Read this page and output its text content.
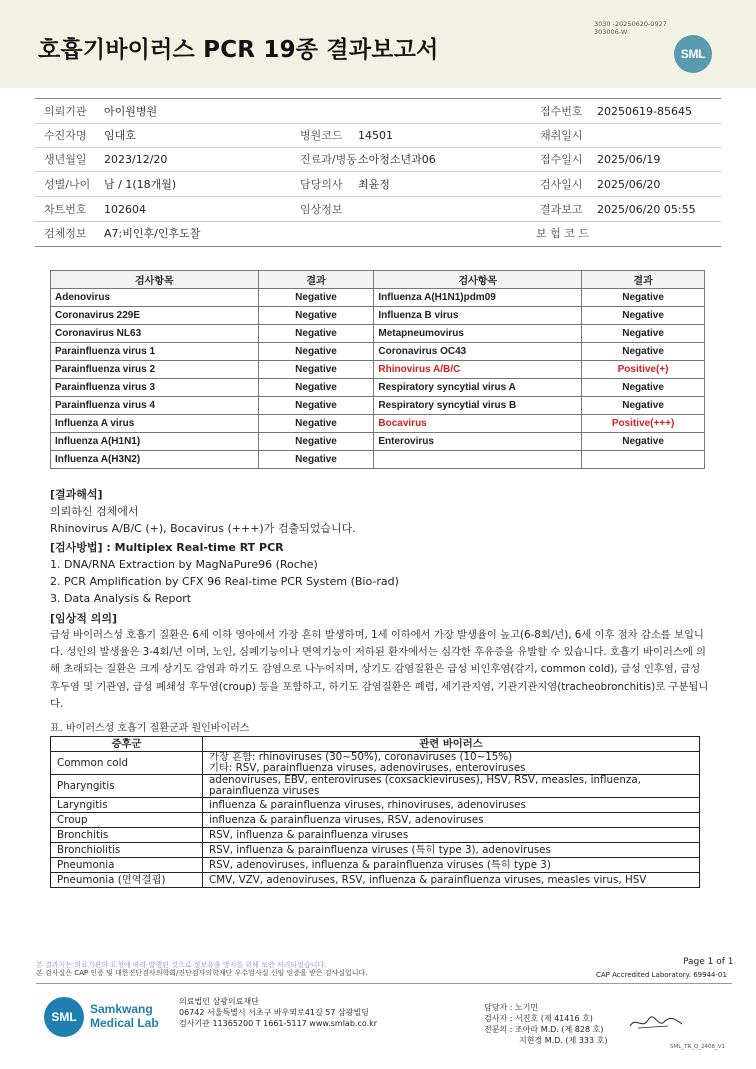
호흡기바이러스 PCR 19종 결과보고서
3030 -20250620-0927
303006-W
SML
의뢰기관 아이원병원	접수번호 20250619-85645
수진자명 임대호	병원코드 14501	채취일시
생년월일 2023/12/20	진료과/병동 소아청소년과06	접수일시 2025/06/19
성별/나이 남 / 1(18개월)	담당의사 최윤정	검사일시 2025/06/20
차트번호 102604	임상정보	결과보고 2025/06/20 05:55
검체정보 A7:비인후/인후도찰	보 험 코 드
검사항목	결과	검사항목	결과
Adenovirus	Negative	Influenza A(H1N1)pdm09	Negative
Coronavirus 229E	Negative	Influenza B virus	Negative
Coronavirus NL63	Negative	Metapneumovirus	Negative
Parainfluenza virus 1	Negative	Coronavirus OC43	Negative
Parainfluenza virus 2	Negative	Rhinovirus A/B/C	Positive(+)
Parainfluenza virus 3	Negative	Respiratory syncytial virus A	Negative
Parainfluenza virus 4	Negative	Respiratory syncytial virus B	Negative
Influenza A virus	Negative	Bocavirus	Positive(+++)
Influenza A(H1N1)	Negative	Enterovirus	Negative
Influenza A(H3N2)	Negative		
[결과해석]
의뢰하신 검체에서
Rhinovirus A/B/C (+), Bocavirus (+++)가 검출되었습니다.
[검사방법] : Multiplex Real-time RT PCR
1. DNA/RNA Extraction by MagNaPure96 (Roche)
2. PCR Amplification by CFX 96 Real-time PCR System (Bio-rad)
3. Data Analysis & Report
[임상적 의의]
급성 바이러스성 호흡기 질환은 6세 이하 영아에서 가장 흔히 발생하며, 1세 이하에서 가장 발생율이 높고(6-8회/년), 6세 이후 점차 감소를 보입니다. 성인의 발생율은 3-4회/년 이며, 노인, 심폐기능이나 면역기능이 저하된 환자에서는 심각한 후유증을 유발할 수 있습니다. 호흡기 바이러스에 의해 초래되는 질환은 크게 상기도 감염과 하기도 감염으로 나누어지며, 상기도 감염질환은 급성 비인후염(감기, common cold), 급성 인후염, 급성 후두염 및 기관염, 급성 폐쇄성 후두염(croup) 등을 포함하고, 하기도 감염질환은 폐렴, 세기관지염, 기관기관지염(tracheobronchitis)로 구분됩니다.
표. 바이러스성 호흡기 질환군과 원인바이러스
증후군	관련 바이러스
Common cold	가장 흔함: rhinoviruses (30~50%), coronaviruses (10~15%)
기타: RSV, parainfluenza viruses, adenoviruses, enteroviruses

Pharyngitis	adenoviruses, EBV, enteroviruses (coxsackieviruses), HSV, RSV, measles, influenza,
parainfluenza viruses

Laryngitis	influenza & parainfluenza viruses, rhinoviruses, adenoviruses

Croup	influenza & parainfluenza viruses, RSV, adenoviruses

Bronchitis	RSV, influenza & parainfluenza viruses

Bronchiolitis	RSV, influenza & parainfluenza viruses (특히 type 3), adenoviruses

Pneumonia	RSV, adenoviruses, influenza & parainfluenza viruses (특히 type 3)

Pneumonia (면역결핍)	CMV, VZV, adenoviruses, RSV, influenza & parainfluenza viruses, measles virus, HSV
본 결과지는 의료기관의 요청에 따라 발행된 것으로 정보유출 방지를 위해 보안 처리되었습니다.
본 검사실은 CAP 인증 및 대한진단검사의학회/진단검사의학재단 우수검사실 신임 인증을 받은 검사실입니다.
Page 1 of 1
CAP Accredited Laboratory. 69944-01
SML
Samkwang
Medical Lab
의료법인 삼광의료재단
06742 서울특별시 서초구 바우뫼로41길 57 삼광빌딩
검사기관 11365200 T 1661-5117 www.smlab.co.kr
담당자 : 노기민
검사자 : 서진호 (제 41416 호)
전문의 : 조아라 M.D. (제 828 호)
지현정 M.D. (제 333 호)
SML_TR_Q_2408_V1
